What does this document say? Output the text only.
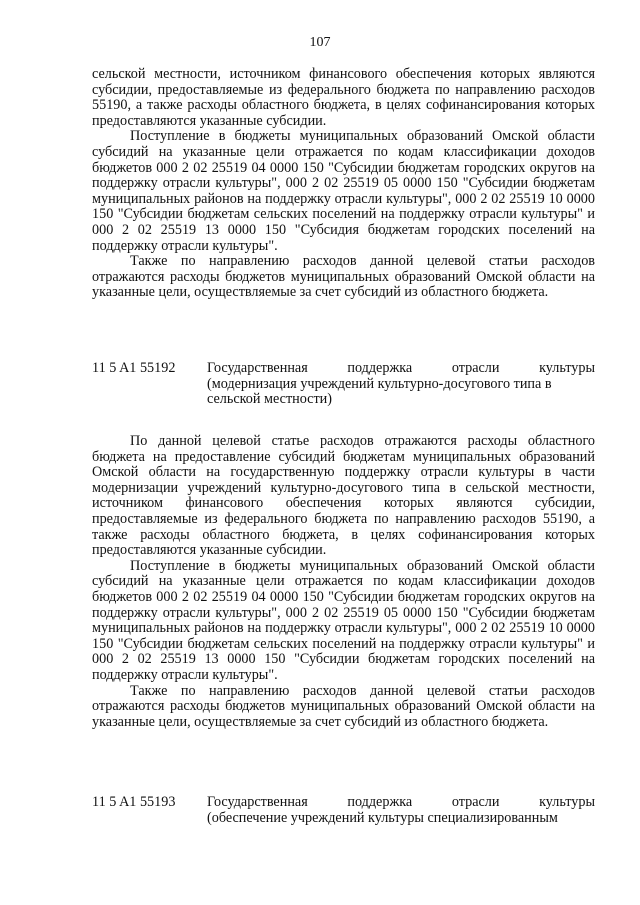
107

сельской местности, источником финансового обеспечения которых являются субсидии, предоставляемые из федерального бюджета по направлению расходов 55190, а также расходы областного бюджета, в целях софинансирования которых предоставляются указанные субсидии.

Поступление в бюджеты муниципальных образований Омской области субсидий на указанные цели отражается по кодам классификации доходов бюджетов 000 2 02 25519 04 0000 150 "Субсидии бюджетам городских округов на поддержку отрасли культуры", 000 2 02 25519 05 0000 150 "Субсидии бюджетам муниципальных районов на поддержку отрасли культуры", 000 2 02 25519 10 0000 150 "Субсидии бюджетам сельских поселений на поддержку отрасли культуры" и 000 2 02 25519 13 0000 150 "Субсидия бюджетам городских поселений на поддержку отрасли культуры".

Также по направлению расходов данной целевой статьи расходов отражаются расходы бюджетов муниципальных образований Омской области на указанные цели, осуществляемые за счет субсидий из областного бюджета.

11 5 A1 55192 Государственная поддержка отрасли культуры
(модернизация учреждений культурно-досугового типа в сельской местности)

По данной целевой статье расходов отражаются расходы областного бюджета на предоставление субсидий бюджетам муниципальных образований Омской области на государственную поддержку отрасли культуры в части модернизации учреждений культурно-досугового типа в сельской местности, источником финансового обеспечения которых являются субсидии, предоставляемые из федерального бюджета по направлению расходов 55190, а также расходы областного бюджета, в целях софинансирования которых предоставляются указанные субсидии.

Поступление в бюджеты муниципальных образований Омской области субсидий на указанные цели отражается по кодам классификации доходов бюджетов 000 2 02 25519 04 0000 150 "Субсидии бюджетам городских округов на поддержку отрасли культуры", 000 2 02 25519 05 0000 150 "Субсидии бюджетам муниципальных районов на поддержку отрасли культуры", 000 2 02 25519 10 0000 150 "Субсидии бюджетам сельских поселений на поддержку отрасли культуры" и 000 2 02 25519 13 0000 150 "Субсидии бюджетам городских поселений на поддержку отрасли культуры".

Также по направлению расходов данной целевой статьи расходов отражаются расходы бюджетов муниципальных образований Омской области на указанные цели, осуществляемые за счет субсидий из областного бюджета.

11 5 A1 55193 Государственная поддержка отрасли культуры
(обеспечение учреждений культуры специализированным
